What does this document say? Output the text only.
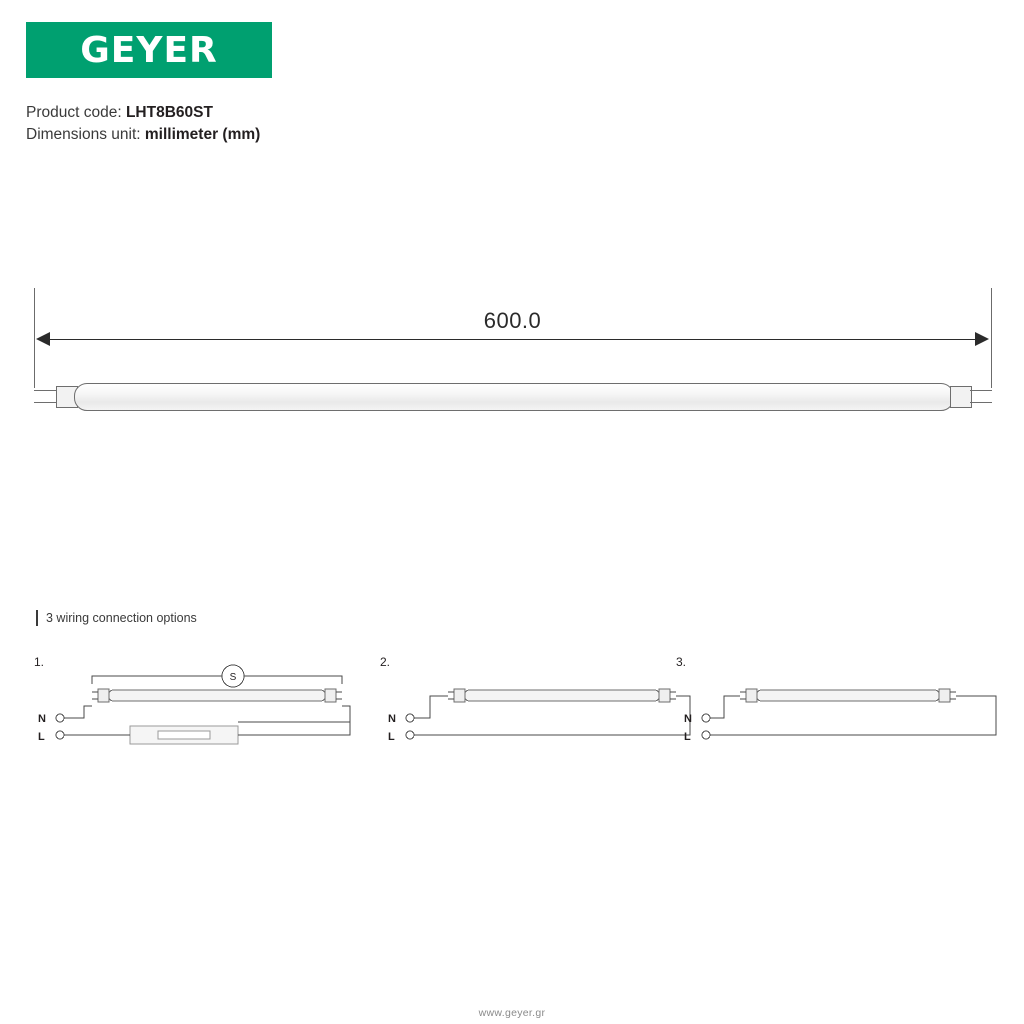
GEYER
Product code: LHT8B60ST
Dimensions unit: millimeter (mm)
600.0
3 wiring connection options
1.	2.	3.
S
N
L
N
L
N
L
www.geyer.gr
